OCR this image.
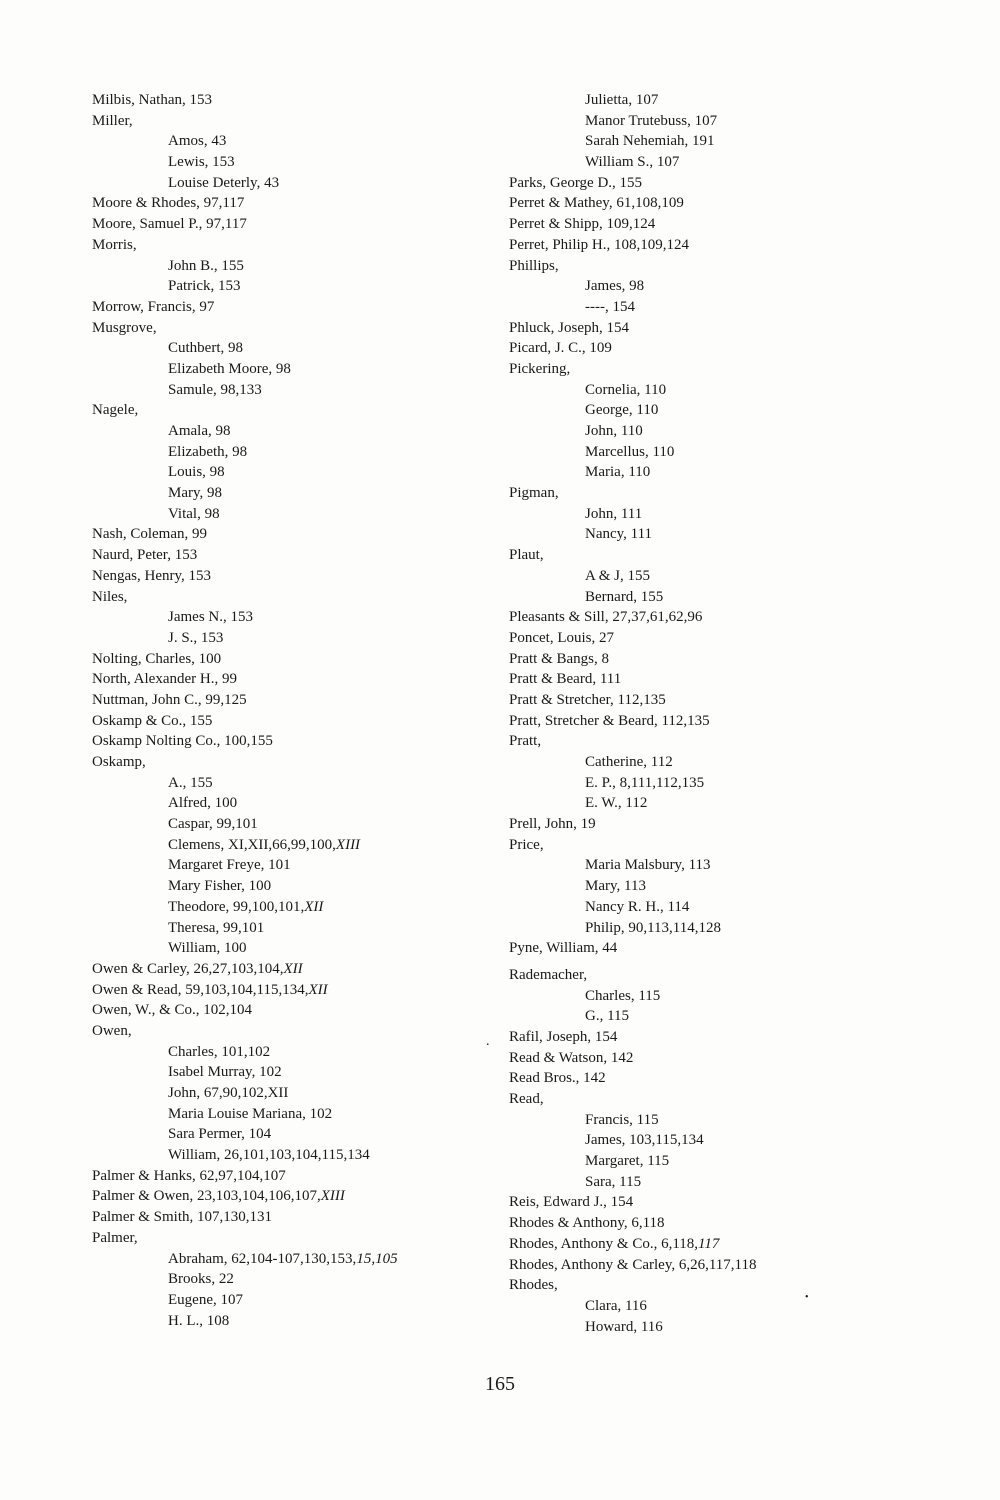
Milbis, Nathan, 153
Miller,
Amos, 43
Lewis, 153
Louise Deterly, 43
Moore & Rhodes, 97,117
Moore, Samuel P., 97,117
Morris,
John B., 155
Patrick, 153
Morrow, Francis, 97
Musgrove,
Cuthbert, 98
Elizabeth Moore, 98
Samule, 98,133
Nagele,
Amala, 98
Elizabeth, 98
Louis, 98
Mary, 98
Vital, 98
Nash, Coleman, 99
Naurd, Peter, 153
Nengas, Henry, 153
Niles,
James N., 153
J. S., 153
Nolting, Charles, 100
North, Alexander H., 99
Nuttman, John C., 99,125
Oskamp & Co., 155
Oskamp Nolting Co., 100,155
Oskamp,
A., 155
Alfred, 100
Caspar, 99,101
Clemens, XI,XII,66,99,100,XIII
Margaret Freye, 101
Mary Fisher, 100
Theodore, 99,100,101,XII
Theresa, 99,101
William, 100
Owen & Carley, 26,27,103,104,XII
Owen & Read, 59,103,104,115,134,XII
Owen, W., & Co., 102,104
Owen,
Charles, 101,102
Isabel Murray, 102
John, 67,90,102,XII
Maria Louise Mariana, 102
Sara Permer, 104
William, 26,101,103,104,115,134
Palmer & Hanks, 62,97,104,107
Palmer & Owen, 23,103,104,106,107,XIII
Palmer & Smith, 107,130,131
Palmer,
Abraham, 62,104-107,130,153,15,105
Brooks, 22
Eugene, 107
H. L., 108
Julietta, 107
Manor Trutebuss, 107
Sarah Nehemiah, 191
William S., 107
Parks, George D., 155
Perret & Mathey, 61,108,109
Perret & Shipp, 109,124
Perret, Philip H., 108,109,124
Phillips,
James, 98
----, 154
Phluck, Joseph, 154
Picard, J. C., 109
Pickering,
Cornelia, 110
George, 110
John, 110
Marcellus, 110
Maria, 110
Pigman,
John, 111
Nancy, 111
Plaut,
A & J, 155
Bernard, 155
Pleasants & Sill, 27,37,61,62,96
Poncet, Louis, 27
Pratt & Bangs, 8
Pratt & Beard, 111
Pratt & Stretcher, 112,135
Pratt, Stretcher & Beard, 112,135
Pratt,
Catherine, 112
E. P., 8,111,112,135
E. W., 112
Prell, John, 19
Price,
Maria Malsbury, 113
Mary, 113
Nancy R. H., 114
Philip, 90,113,114,128
Pyne, William, 44
Rademacher,
Charles, 115
G., 115
Rafil, Joseph, 154
Read & Watson, 142
Read Bros., 142
Read,
Francis, 115
James, 103,115,134
Margaret, 115
Sara, 115
Reis, Edward J., 154
Rhodes & Anthony, 6,118
Rhodes, Anthony & Co., 6,118,117
Rhodes, Anthony & Carley, 6,26,117,118
Rhodes,
Clara, 116
Howard, 116
.
•
165
